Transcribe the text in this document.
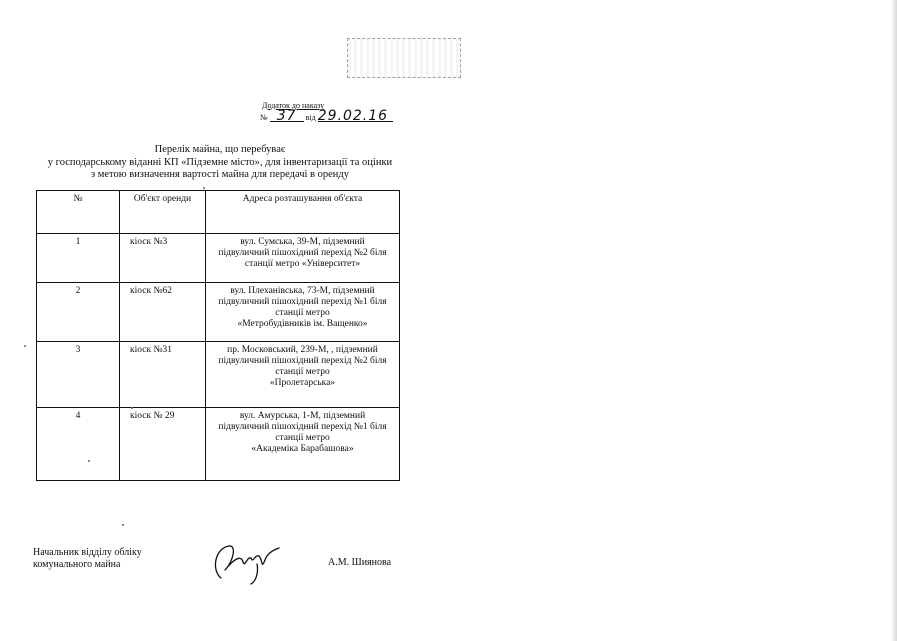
Додаток до наказу
№ 37 від 29.02.16
Перелік майна, що перебуває
у господарському віданні КП «Підземне місто», для інвентаризації та оцінки
з метою визначення вартості майна для передачі в оренду
№	Об'єкт оренди	Адреса розташування об'єкта
1	кіоск №3	вул. Сумська, 39-М, підземний
підвуличний пішохідний перехід №2 біля
станції метро «Університет»

2	кіоск №62	вул. Плеханівська, 73-М, підземний
підвуличний пішохідний перехід №1 біля
станції метро
«Метробудівників ім. Ващенко»

3	кіоск №31	пр. Московський, 239-М, , підземний
підвуличний пішохідний перехід №2 біля
станції метро
«Пролетарська»

4	кіоск № 29	вул. Амурська, 1-М, підземний
підвуличний пішохідний перехід №1 біля
станції метро
«Академіка Барабашова»
Начальник відділу обліку
комунального майна	А.М. Шиянова
